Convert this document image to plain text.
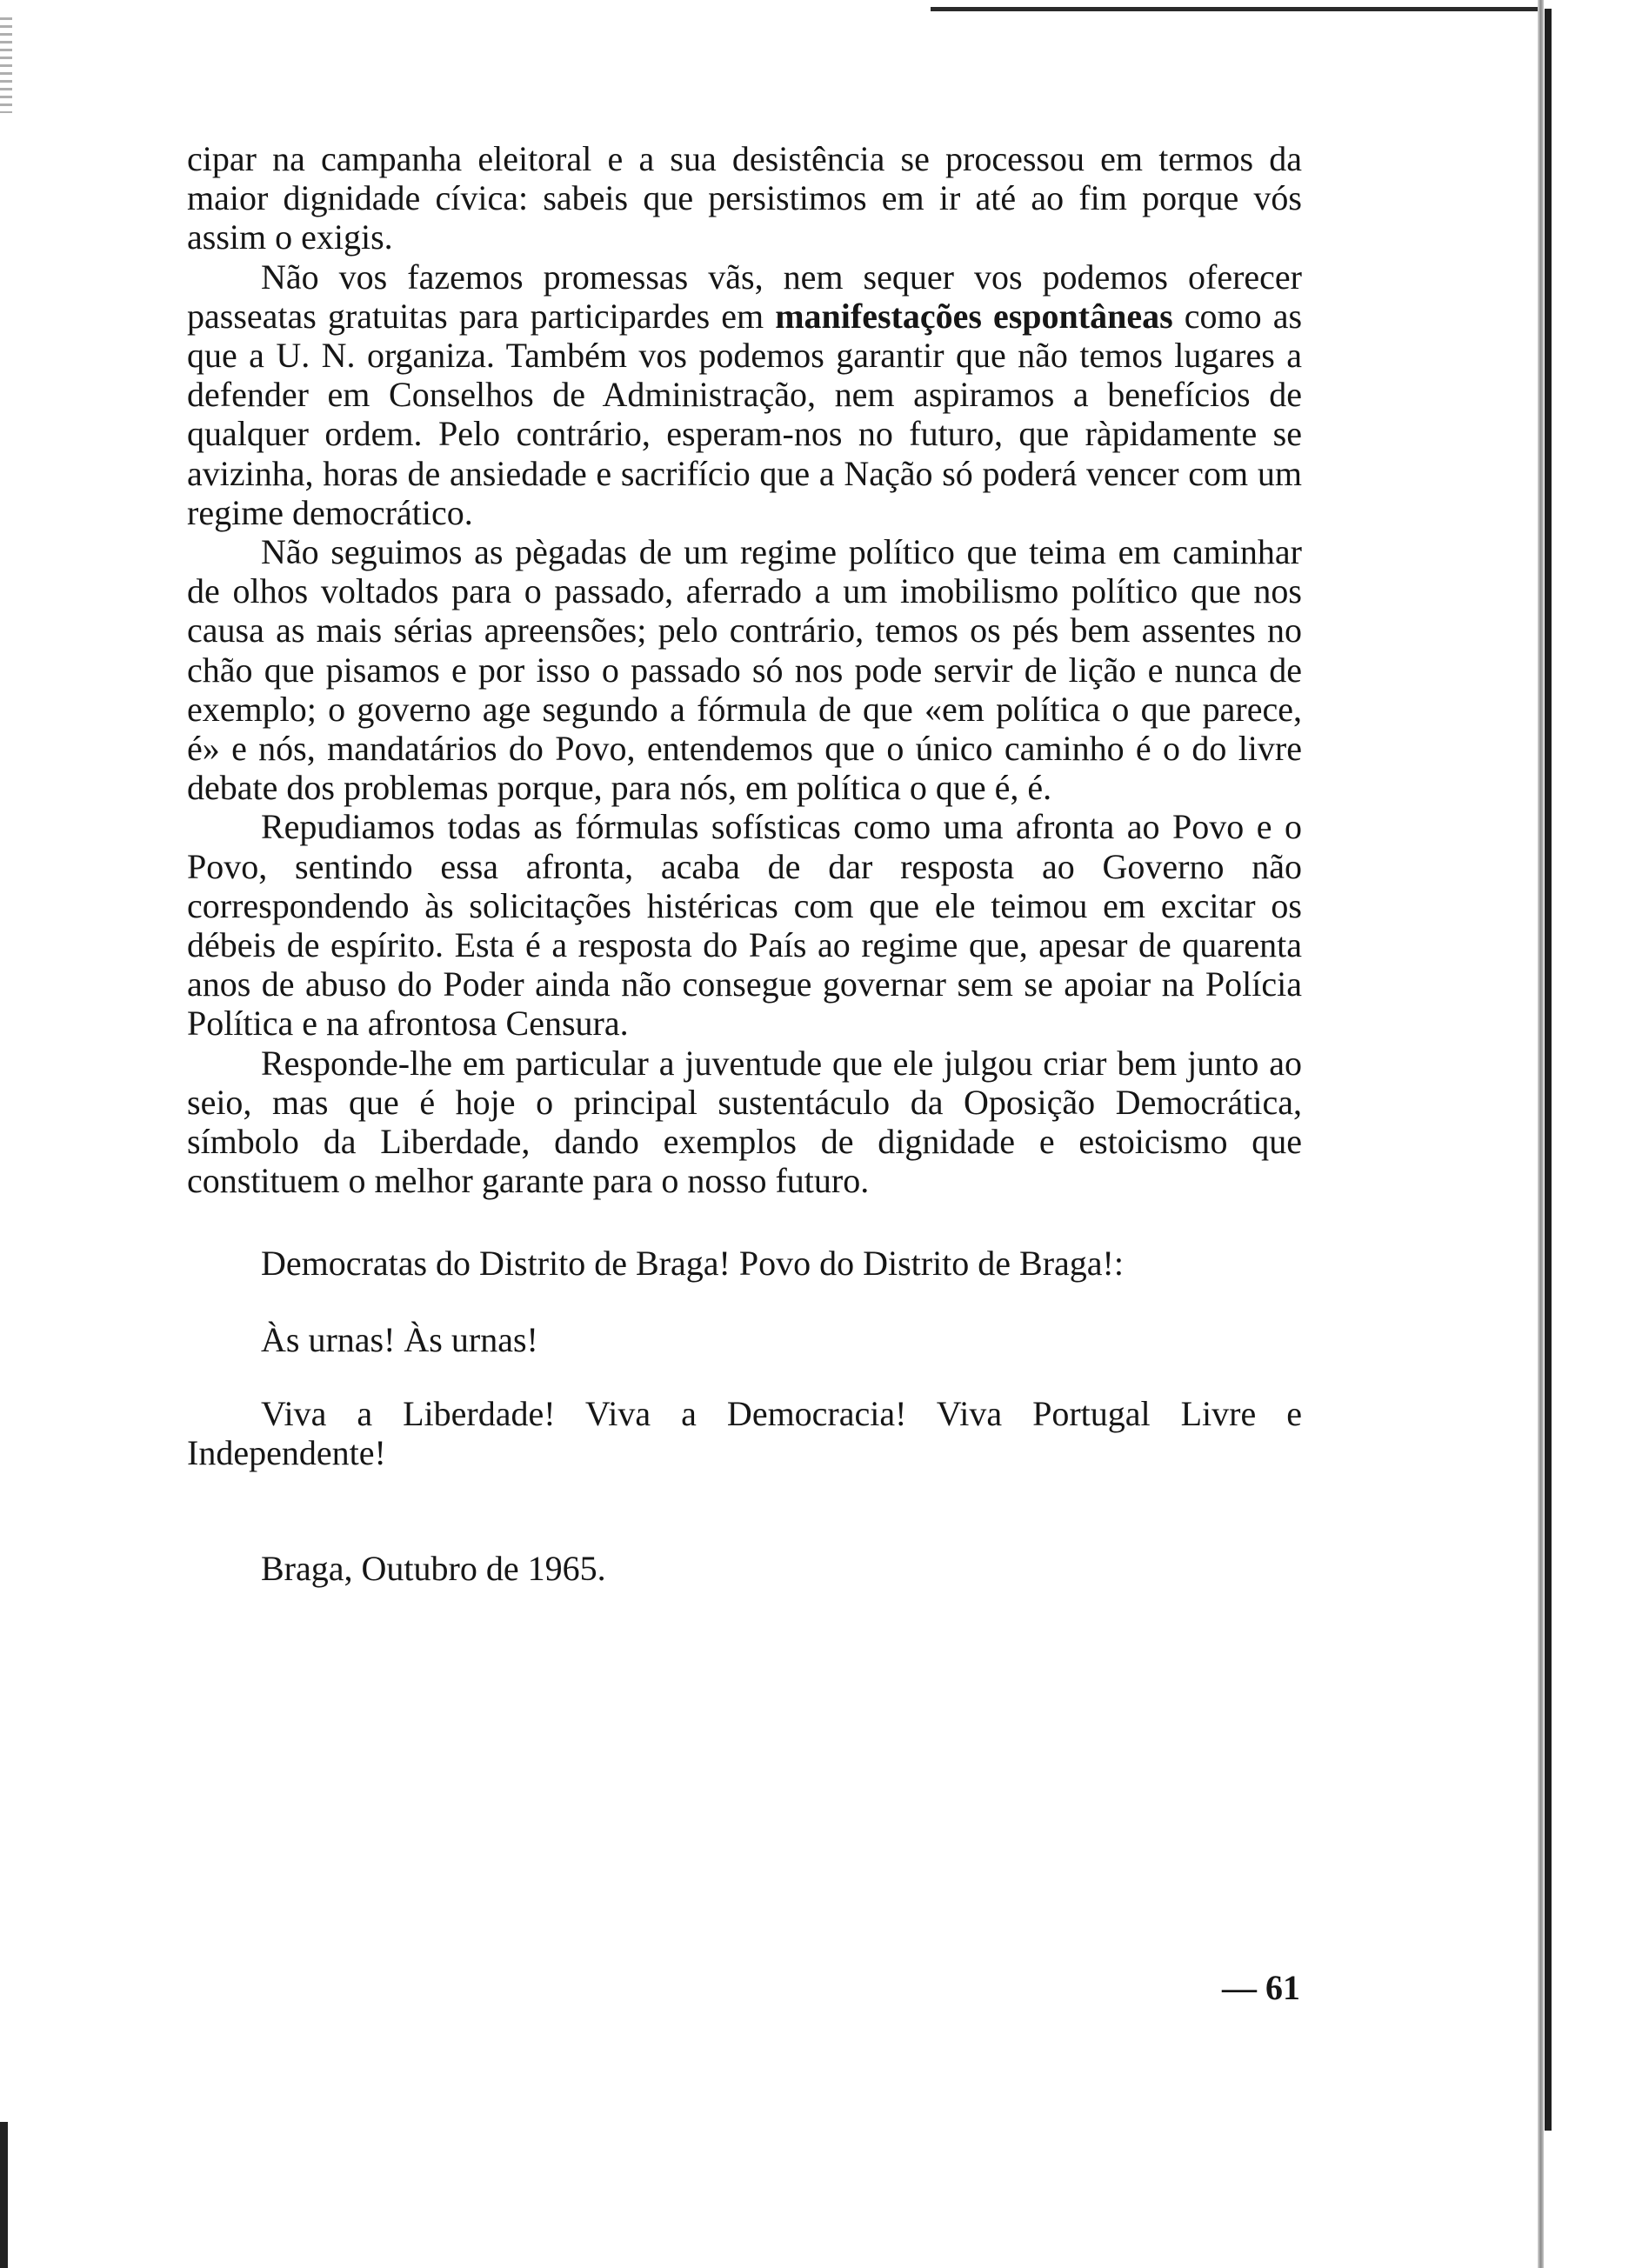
cipar na campanha eleitoral e a sua desistência se processou em termos da maior dignidade cívica: sabeis que persistimos em ir até ao fim porque vós assim o exigis.

Não vos fazemos promessas vãs, nem sequer vos podemos oferecer passeatas gratuitas para participardes em manifestações espontâneas como as que a U. N. organiza. Também vos podemos garantir que não temos lugares a defender em Conselhos de Administração, nem aspiramos a benefícios de qualquer ordem. Pelo contrário, esperam-nos no futuro, que ràpidamente se avizinha, horas de ansiedade e sacrifício que a Nação só poderá vencer com um regime democrático.

Não seguimos as pègadas de um regime político que teima em caminhar de olhos voltados para o passado, aferrado a um imobilismo político que nos causa as mais sérias apreensões; pelo contrário, temos os pés bem assentes no chão que pisamos e por isso o passado só nos pode servir de lição e nunca de exemplo; o governo age segundo a fórmula de que «em política o que parece, é» e nós, mandatários do Povo, entendemos que o único caminho é o do livre debate dos problemas porque, para nós, em política o que é, é.

Repudiamos todas as fórmulas sofísticas como uma afronta ao Povo e o Povo, sentindo essa afronta, acaba de dar resposta ao Governo não correspondendo às solicitações histéricas com que ele teimou em excitar os débeis de espírito. Esta é a resposta do País ao regime que, apesar de quarenta anos de abuso do Poder ainda não consegue governar sem se apoiar na Polícia Política e na afrontosa Censura.

Responde-lhe em particular a juventude que ele julgou criar bem junto ao seio, mas que é hoje o principal sustentáculo da Oposição Democrática, símbolo da Liberdade, dando exemplos de dignidade e estoicismo que constituem o melhor garante para o nosso futuro.

Democratas do Distrito de Braga! Povo do Distrito de Braga!:

Às urnas! Às urnas!

Viva a Liberdade! Viva a Democracia! Viva Portugal Livre e Independente!

Braga, Outubro de 1965.

— 61
